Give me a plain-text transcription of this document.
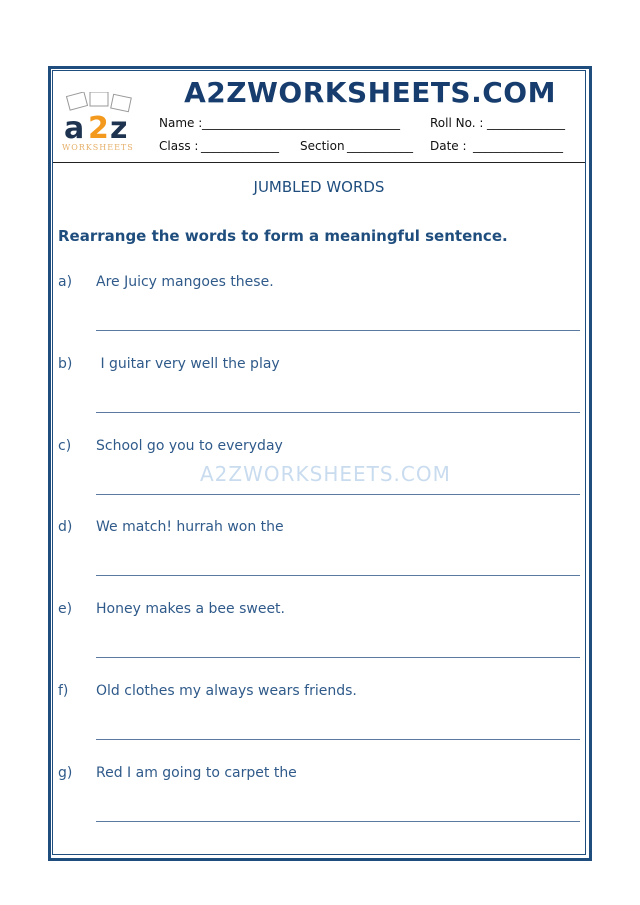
A2ZWORKSHEETS.COM
a 2 z
WORKSHEETS
A2ZWORKSHEETS.COM
Name : _________________________________	Roll No. : _____________
Class : _____________ Section ___________ Date : _______________
JUMBLED WORDS
Rearrange the words to form a meaningful sentence.
a)	Are Juicy mangoes these.
b)	I guitar very well the play
c)	School go you to everyday
d)	We match! hurrah won the
e)	Honey makes a bee sweet.
f)	Old clothes my always wears friends.
g)	Red I am going to carpet the
